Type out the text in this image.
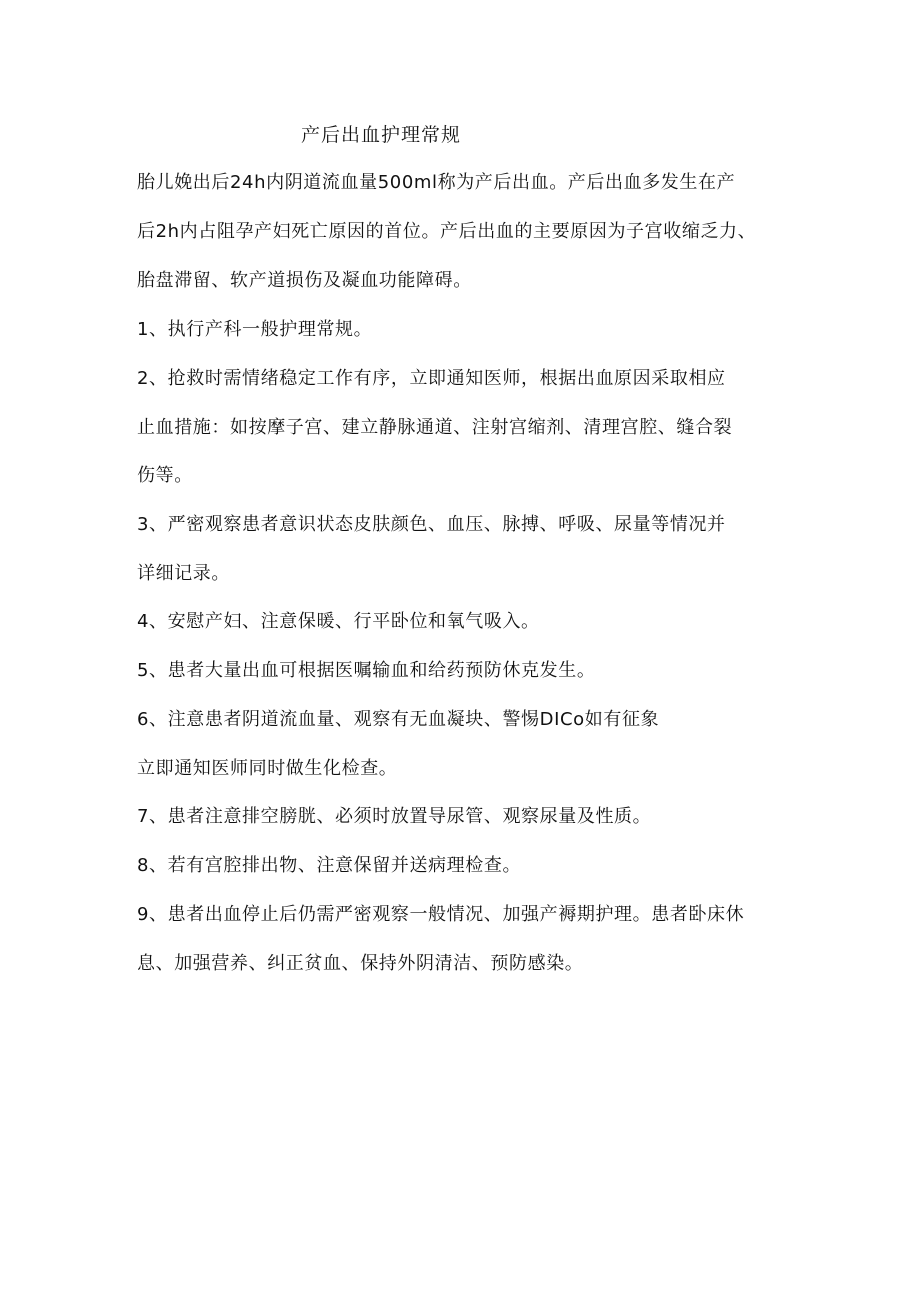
产后出血护理常规
胎儿娩出后24h内阴道流血量500ml称为产后出血。产后出血多发生在产
后2h内占阻孕产妇死亡原因的首位。产后出血的主要原因为子宫收缩乏力、
胎盘滞留、软产道损伤及凝血功能障碍。
1、执行产科一般护理常规。
2、抢救时需情绪稳定工作有序，立即通知医师，根据出血原因采取相应
止血措施：如按摩子宫、建立静脉通道、注射宫缩剂、清理宫腔、缝合裂
伤等。
3、严密观察患者意识状态皮肤颜色、血压、脉搏、呼吸、尿量等情况并
详细记录。
4、安慰产妇、注意保暖、行平卧位和氧气吸入。
5、患者大量出血可根据医嘱输血和给药预防休克发生。
6、注意患者阴道流血量、观察有无血凝块、警惕DICo如有征象
立即通知医师同时做生化检查。
7、患者注意排空膀胱、必须时放置导尿管、观察尿量及性质。
8、若有宫腔排出物、注意保留并送病理检查。
9、患者出血停止后仍需严密观察一般情况、加强产褥期护理。患者卧床休
息、加强营养、纠正贫血、保持外阴清洁、预防感染。
